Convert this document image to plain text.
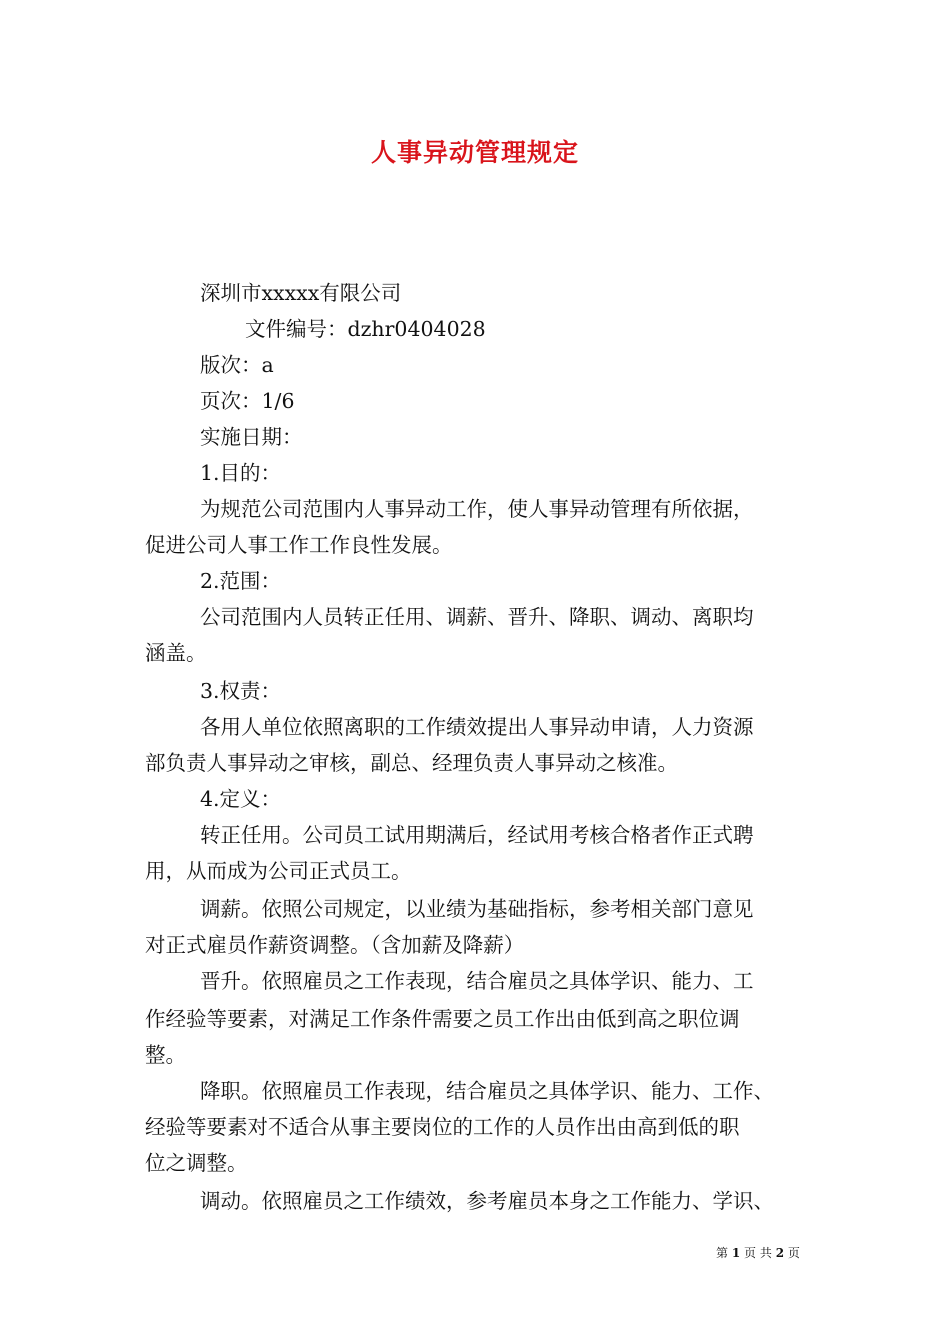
人事异动管理规定
深圳市xxxxx有限公司
文件编号：dzhr0404028
版次：a
页次：1/6
实施日期：
1.目的：
为规范公司范围内人事异动工作，使人事异动管理有所依据，
促进公司人事工作工作良性发展。
2.范围：
公司范围内人员转正任用、调薪、晋升、降职、调动、离职均
涵盖。
3.权责：
各用人单位依照离职的工作绩效提出人事异动申请，人力资源
部负责人事异动之审核，副总、经理负责人事异动之核准。
4.定义：
转正任用。公司员工试用期满后，经试用考核合格者作正式聘
用，从而成为公司正式员工。
调薪。依照公司规定，以业绩为基础指标，参考相关部门意见
对正式雇员作薪资调整。（含加薪及降薪）
晋升。依照雇员之工作表现，结合雇员之具体学识、能力、工
作经验等要素，对满足工作条件需要之员工作出由低到高之职位调
整。
降职。依照雇员工作表现，结合雇员之具体学识、能力、工作、
经验等要素对不适合从事主要岗位的工作的人员作出由高到低的职
位之调整。
调动。依照雇员之工作绩效，参考雇员本身之工作能力、学识、
第 1 页 共 2 页
